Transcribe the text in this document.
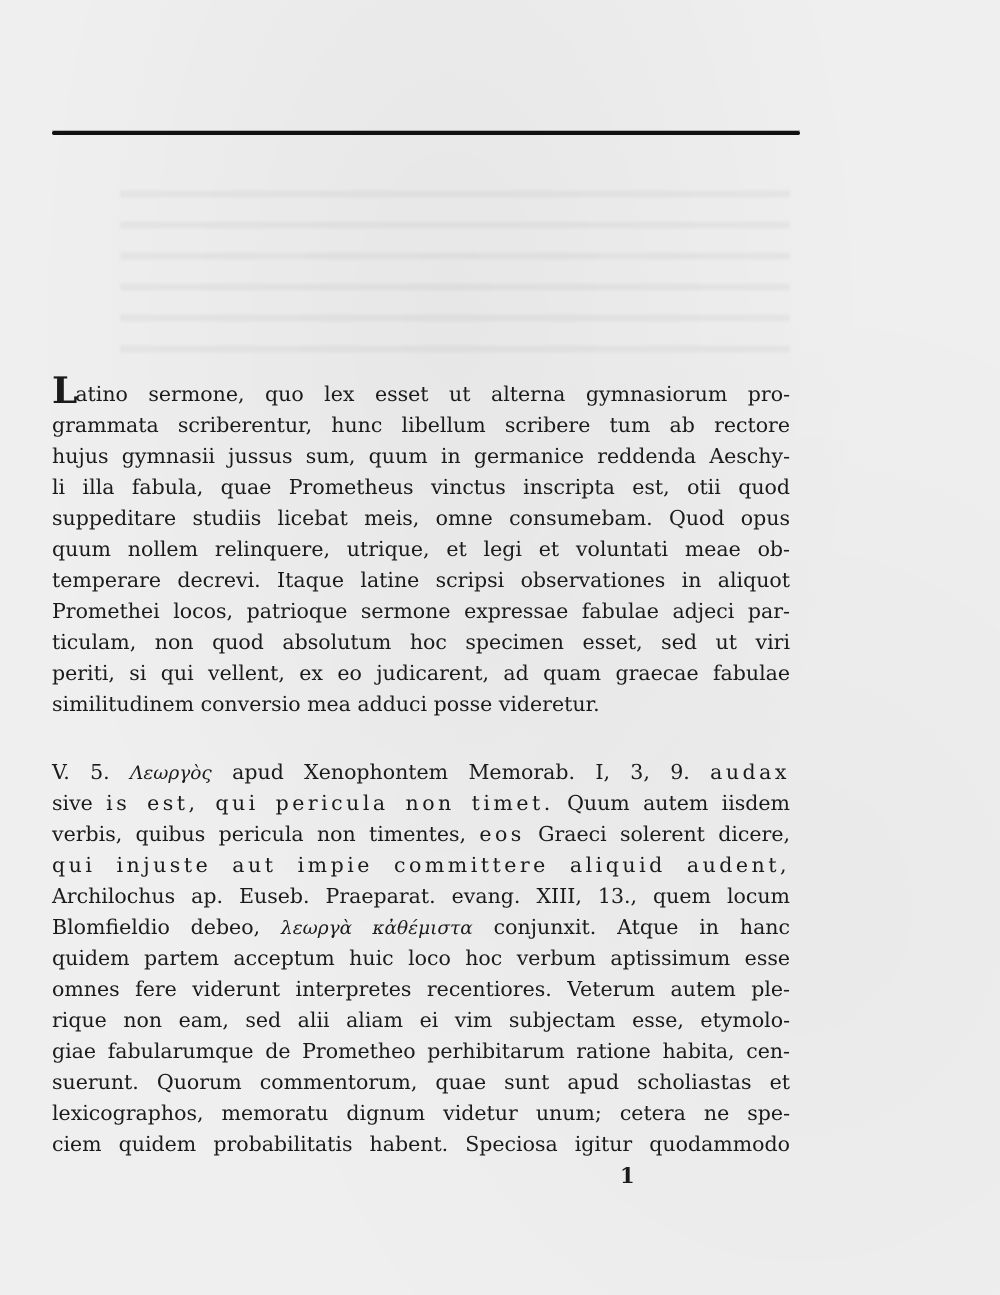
Latino sermone, quo lex esset ut alterna gymnasiorum pro-
grammata scriberentur, hunc libellum scribere tum ab rectore
hujus gymnasii jussus sum, quum in germanice reddenda Aeschy-
li illa fabula, quae Prometheus vinctus inscripta est, otii quod
suppeditare studiis licebat meis, omne consumebam. Quod opus
quum nollem relinquere, utrique, et legi et voluntati meae ob-
temperare decrevi. Itaque latine scripsi observationes in aliquot
Promethei locos, patrioque sermone expressae fabulae adjeci par-
ticulam, non quod absolutum hoc specimen esset, sed ut viri
periti, si qui vellent, ex eo judicarent, ad quam graecae fabulae
similitudinem conversio mea adduci posse videretur.
V. 5. Λεωργὸς apud Xenophontem Memorab. I, 3, 9. audax
sive is est, qui pericula non timet. Quum autem iisdem
verbis, quibus pericula non timentes, eos Graeci solerent dicere,
qui injuste aut impie committere aliquid audent,
Archilochus ap. Euseb. Praeparat. evang. XIII, 13., quem locum
Blomfieldio debeo, λεωργὰ κἀθέμιστα conjunxit. Atque in hanc
quidem partem acceptum huic loco hoc verbum aptissimum esse
omnes fere viderunt interpretes recentiores. Veterum autem ple-
rique non eam, sed alii aliam ei vim subjectam esse, etymolo-
giae fabularumque de Prometheo perhibitarum ratione habita, cen-
suerunt. Quorum commentorum, quae sunt apud scholiastas et
lexicographos, memoratu dignum videtur unum; cetera ne spe-
ciem quidem probabilitatis habent. Speciosa igitur quodammodo
1
